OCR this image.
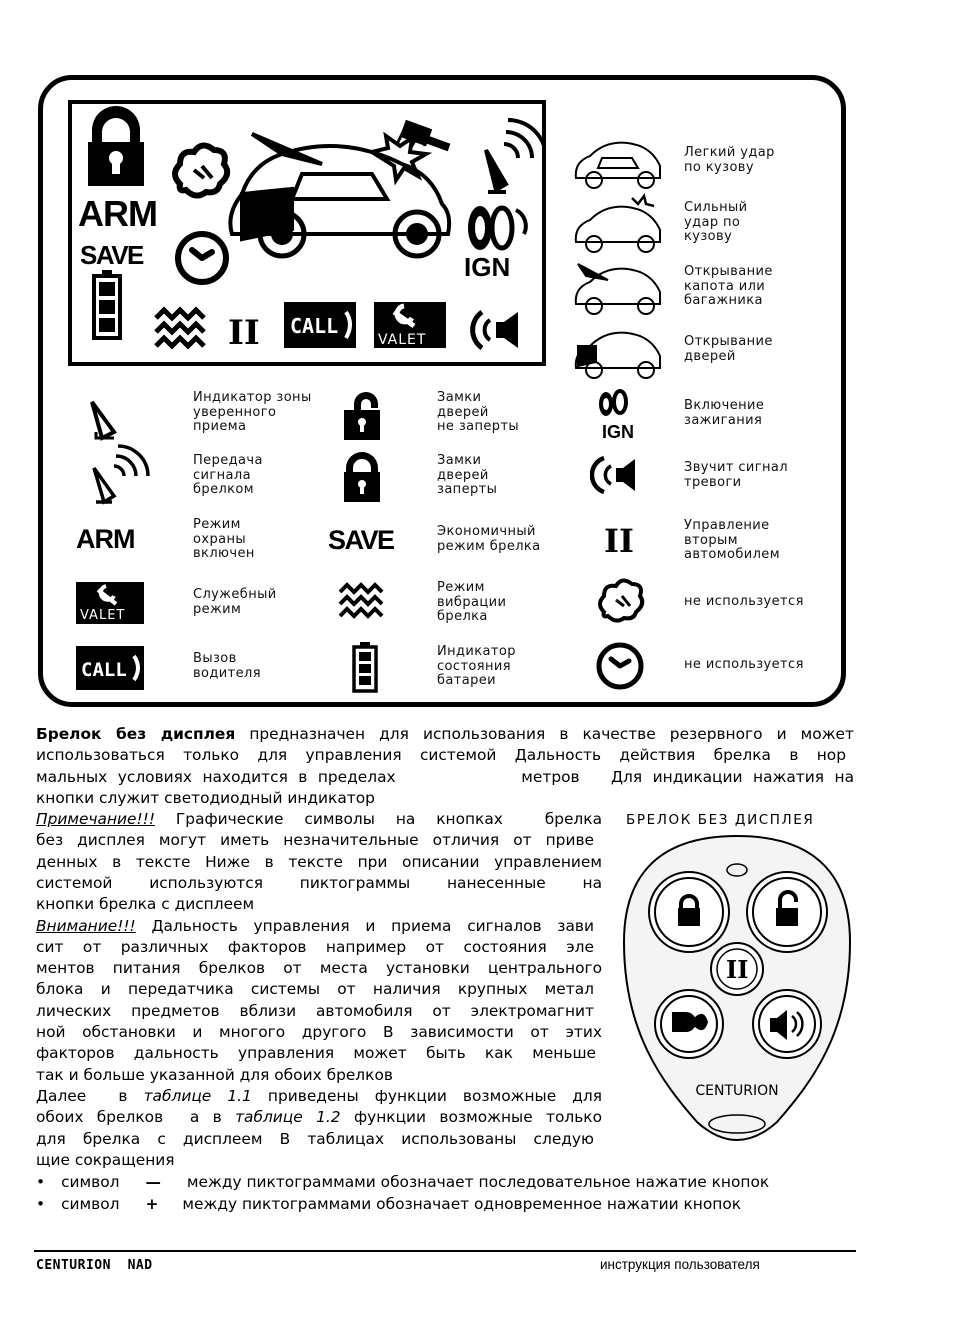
ARM
SAVE	IGN
II CALL
VALET
Легкий удар
по кузову
Сильный
удар по
кузову
Открывание
капота или
багажника
Открывание
дверей
ARM
VALET
CALL
SAVE
IGN
II
Индикатор зоны
уверенного
приема
Передача
сигнала
брелком
Режим
охраны
включен
Служебный
режим
Вызов
водителя
Замки
дверей
не заперты
Замки
дверей
заперты
Экономичный
режим брелка
Режим
вибрации
брелка
Индикатор
состояния
батареи
Включение
зажигания
Звучит сигнал
тревоги
Управление
вторым
автомобилем
не используется
не используется
Брелок без дисплея предназначен для использования в качестве резервного и может
использоваться только для управления системой Дальность действия брелка в нор
мальных условиях находится в пределах            метров   Для индикации нажатия на
кнопки служит светодиодный индикатор
Примечание!!! Графические символы на кнопках  брелка
без дисплея могут иметь незначительные отличия от приве
денных в тексте Ниже в тексте при описании управлением
системой используются пиктограммы нанесенные на
кнопки брелка с дисплеем
Внимание!!! Дальность управления и приема сигналов зави
сит от различных факторов например от состояния эле
ментов питания брелков от места установки центрального
блока и передатчика системы от наличия крупных метал
лических предметов вблизи автомобиля от электромагнит
ной обстановки и многого другого В зависимости от этих
факторов дальность управления может быть как меньше
так и больше указанной для обоих брелков
Далее  в таблице 1.1 приведены функции возможные для
обоих брелков  а в таблице 1.2 функции возможные только
для брелка с дисплеем В таблицах использованы следую
щие сокращения
• символ — между пиктограммами обозначает последовательное нажатие кнопок
• символ + между пиктограммами обозначает одновременное нажатии кнопок
БРЕЛОК БЕЗ ДИСПЛЕЯ
II
CENTURION
CENTURION  NAD	инструкция пользователя
